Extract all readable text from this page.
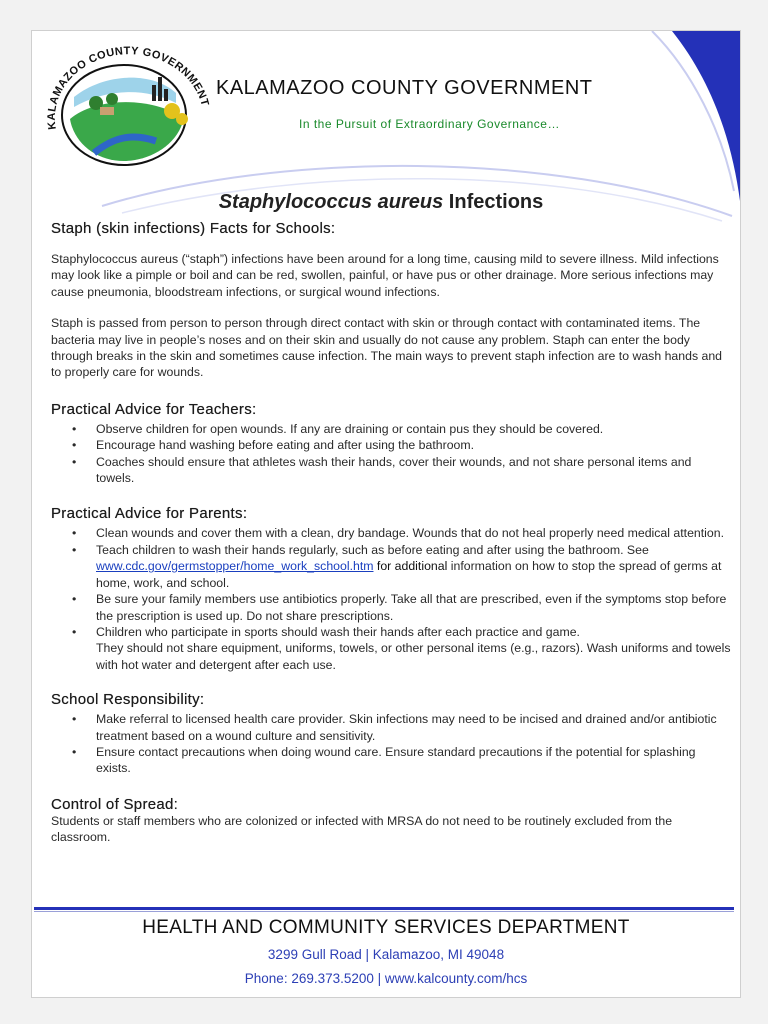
KALAMAZOO COUNTY GOVERNMENT
KALAMAZOO COUNTY GOVERNMENT
In the Pursuit of Extraordinary Governance…
Staphylococcus aureus Infections
Staph (skin infections) Facts for Schools:

Staphylococcus aureus (“staph”) infections have been around for a long time, causing mild to severe illness. Mild infections may look like a pimple or boil and can be red, swollen, painful, or have pus or other drainage. More serious infections may cause pneumonia, bloodstream infections, or surgical wound infections.

Staph is passed from person to person through direct contact with skin or through contact with contaminated items. The bacteria may live in people’s noses and on their skin and usually do not cause any problem. Staph can enter the body through breaks in the skin and sometimes cause infection. The main ways to prevent staph infection are to wash hands and to properly care for wounds.

Practical Advice for Teachers:
• Observe children for open wounds. If any are draining or contain pus they should be covered.
• Encourage hand washing before eating and after using the bathroom.
• Coaches should ensure that athletes wash their hands, cover their wounds, and not share personal items and towels.
Practical Advice for Parents:
• Clean wounds and cover them with a clean, dry bandage. Wounds that do not heal properly need medical attention.
• Teach children to wash their hands regularly, such as before eating and after using the bathroom. See www.cdc.gov/germstopper/home_work_school.htm for additional information on how to stop the spread of germs at home, work, and school.
• Be sure your family members use antibiotics properly. Take all that are prescribed, even if the symptoms stop before the prescription is used up. Do not share prescriptions.
• Children who participate in sports should wash their hands after each practice and game.
They should not share equipment, uniforms, towels, or other personal items (e.g., razors). Wash uniforms and towels with hot water and detergent after each use.
School Responsibility:
• Make referral to licensed health care provider. Skin infections may need to be incised and drained and/or antibiotic treatment based on a wound culture and sensitivity.
• Ensure contact precautions when doing wound care. Ensure standard precautions if the potential for splashing exists.
Control of Spread:

Students or staff members who are colonized or infected with MRSA do not need to be routinely excluded from the classroom.

HEALTH AND COMMUNITY SERVICES DEPARTMENT
3299 Gull Road | Kalamazoo, MI 49048
Phone: 269.373.5200 | www.kalcounty.com/hcs
